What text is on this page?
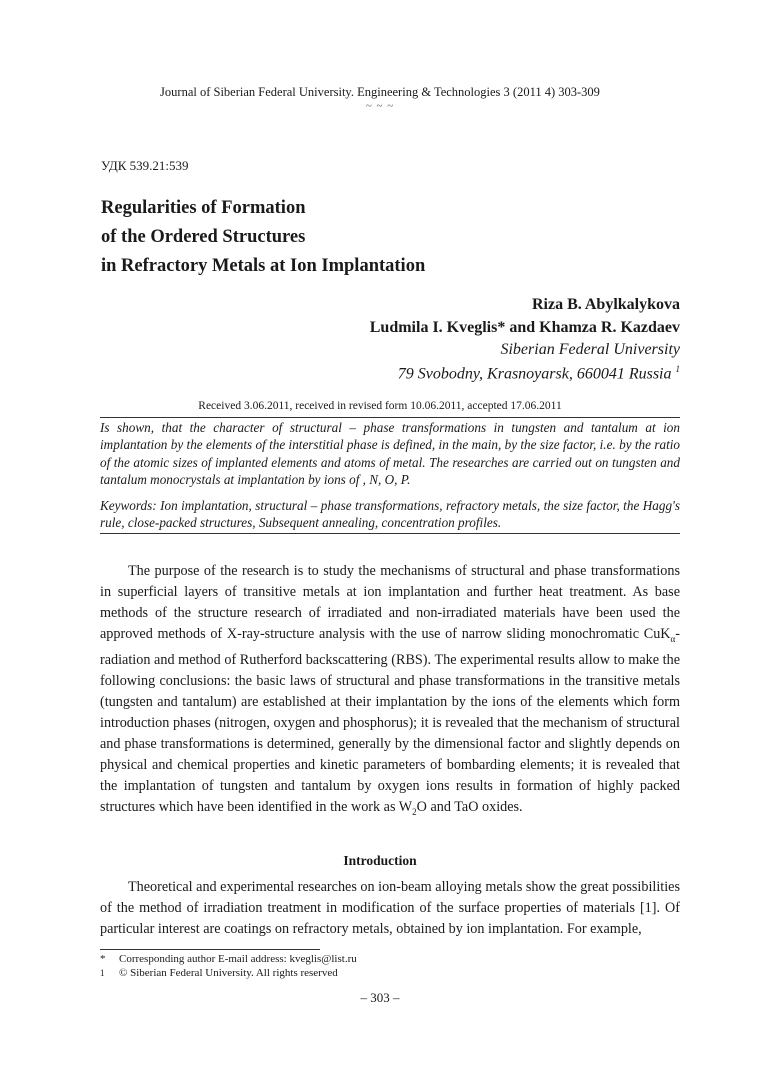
Journal of Siberian Federal University. Engineering & Technologies 3 (2011 4) 303-309
~ ~ ~
УДК 539.21:539
Regularities of Formation
of the Ordered Structures
in Refractory Metals at Ion Implantation
Riza B. Abylkalykova
Ludmila I. Kveglis* and Khamza R. Kazdaev
Siberian Federal University
79 Svobodny, Krasnoyarsk, 660041 Russia $^1$
Received 3.06.2011, received in revised form 10.06.2011, accepted 17.06.2011
Is shown, that the character of structural – phase transformations in tungsten and tantalum at ion implantation by the elements of the interstitial phase is defined, in the main, by the size factor, i.e. by the ratio of the atomic sizes of implanted elements and atoms of metal. The researches are carried out on tungsten and tantalum monocrystals at implantation by ions of , N, O, P.
Keywords: Ion implantation, structural – phase transformations, refractory metals, the size factor, the Hagg's rule, close-packed structures, Subsequent annealing, concentration profiles.
The purpose of the research is to study the mechanisms of structural and phase transformations in superficial layers of transitive metals at ion implantation and further heat treatment. As base methods of the structure research of irradiated and non-irradiated materials have been used the approved methods of X-ray-structure analysis with the use of narrow sliding monochromatic CuK$_\alpha$-radiation and method of Rutherford backscattering (RBS). The experimental results allow to make the following conclusions: the basic laws of structural and phase transformations in the transitive metals (tungsten and tantalum) are established at their implantation by the ions of the elements which form introduction phases (nitrogen, oxygen and phosphorus); it is revealed that the mechanism of structural and phase transformations is determined, generally by the dimensional factor and slightly depends on physical and chemical properties and kinetic parameters of bombarding elements; it is revealed that the implantation of tungsten and tantalum by oxygen ions results in formation of highly packed structures which have been identified in the work as $W_2O$ and TaO oxides.
Introduction
Theoretical and experimental researches on ion-beam alloying metals show the great possibilities of the method of irradiation treatment in modification of the surface properties of materials [1]. Of particular interest are coatings on refractory metals, obtained by ion implantation. For example,
* Corresponding author E-mail address: kveglis@list.ru
1 © Siberian Federal University. All rights reserved
– 303 –
